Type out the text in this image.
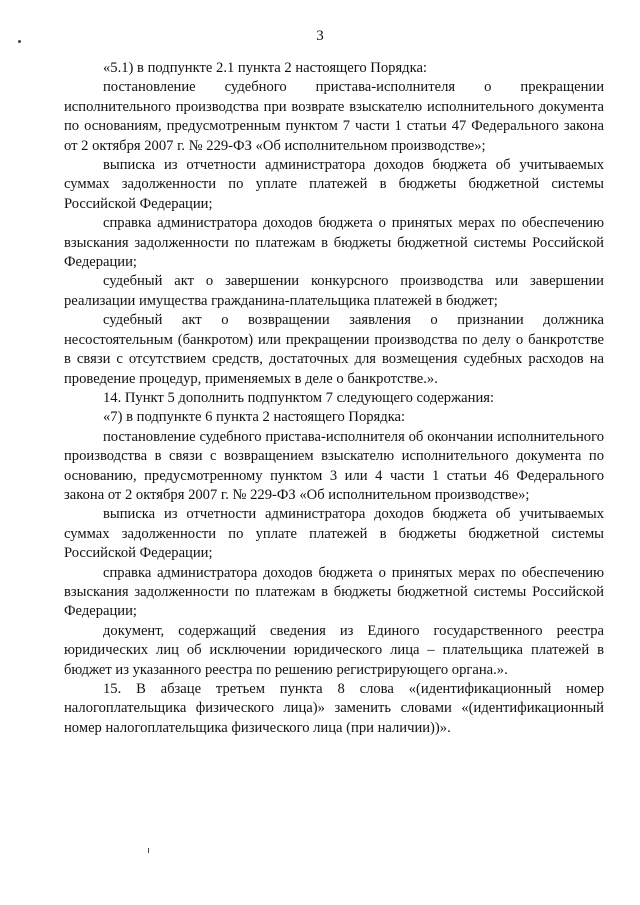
3

«5.1) в подпункте 2.1 пункта 2 настоящего Порядка:

постановление судебного пристава-исполнителя о прекращении исполнительного производства при возврате взыскателю исполнительного документа по основаниям, предусмотренным пунктом 7 части 1 статьи 47 Федерального закона от 2 октября 2007 г. № 229-ФЗ «Об исполнительном производстве»;

выписка из отчетности администратора доходов бюджета об учитываемых суммах задолженности по уплате платежей в бюджеты бюджетной системы Российской Федерации;

справка администратора доходов бюджета о принятых мерах по обеспечению взыскания задолженности по платежам в бюджеты бюджетной системы Российской Федерации;

судебный акт о завершении конкурсного производства или завершении реализации имущества гражданина-плательщика платежей в бюджет;

судебный акт о возвращении заявления о признании должника несостоятельным (банкротом) или прекращении производства по делу о банкротстве в связи с отсутствием средств, достаточных для возмещения судебных расходов на проведение процедур, применяемых в деле о банкротстве.».

14. Пункт 5 дополнить подпунктом 7 следующего содержания:

«7) в подпункте 6 пункта 2 настоящего Порядка:

постановление судебного пристава-исполнителя об окончании исполнительного производства в связи с возвращением взыскателю исполнительного документа по основанию, предусмотренному пунктом 3 или 4 части 1 статьи 46 Федерального закона от 2 октября 2007 г. № 229-ФЗ «Об исполнительном производстве»;

выписка из отчетности администратора доходов бюджета об учитываемых суммах задолженности по уплате платежей в бюджеты бюджетной системы Российской Федерации;

справка администратора доходов бюджета о принятых мерах по обеспечению взыскания задолженности по платежам в бюджеты бюджетной системы Российской Федерации;

документ, содержащий сведения из Единого государственного реестра юридических лиц об исключении юридического лица – плательщика платежей в бюджет из указанного реестра по решению регистрирующего органа.».

15. В абзаце третьем пункта 8 слова «(идентификационный номер налогоплательщика физического лица)» заменить словами «(идентификационный номер налогоплательщика физического лица (при наличии))».
